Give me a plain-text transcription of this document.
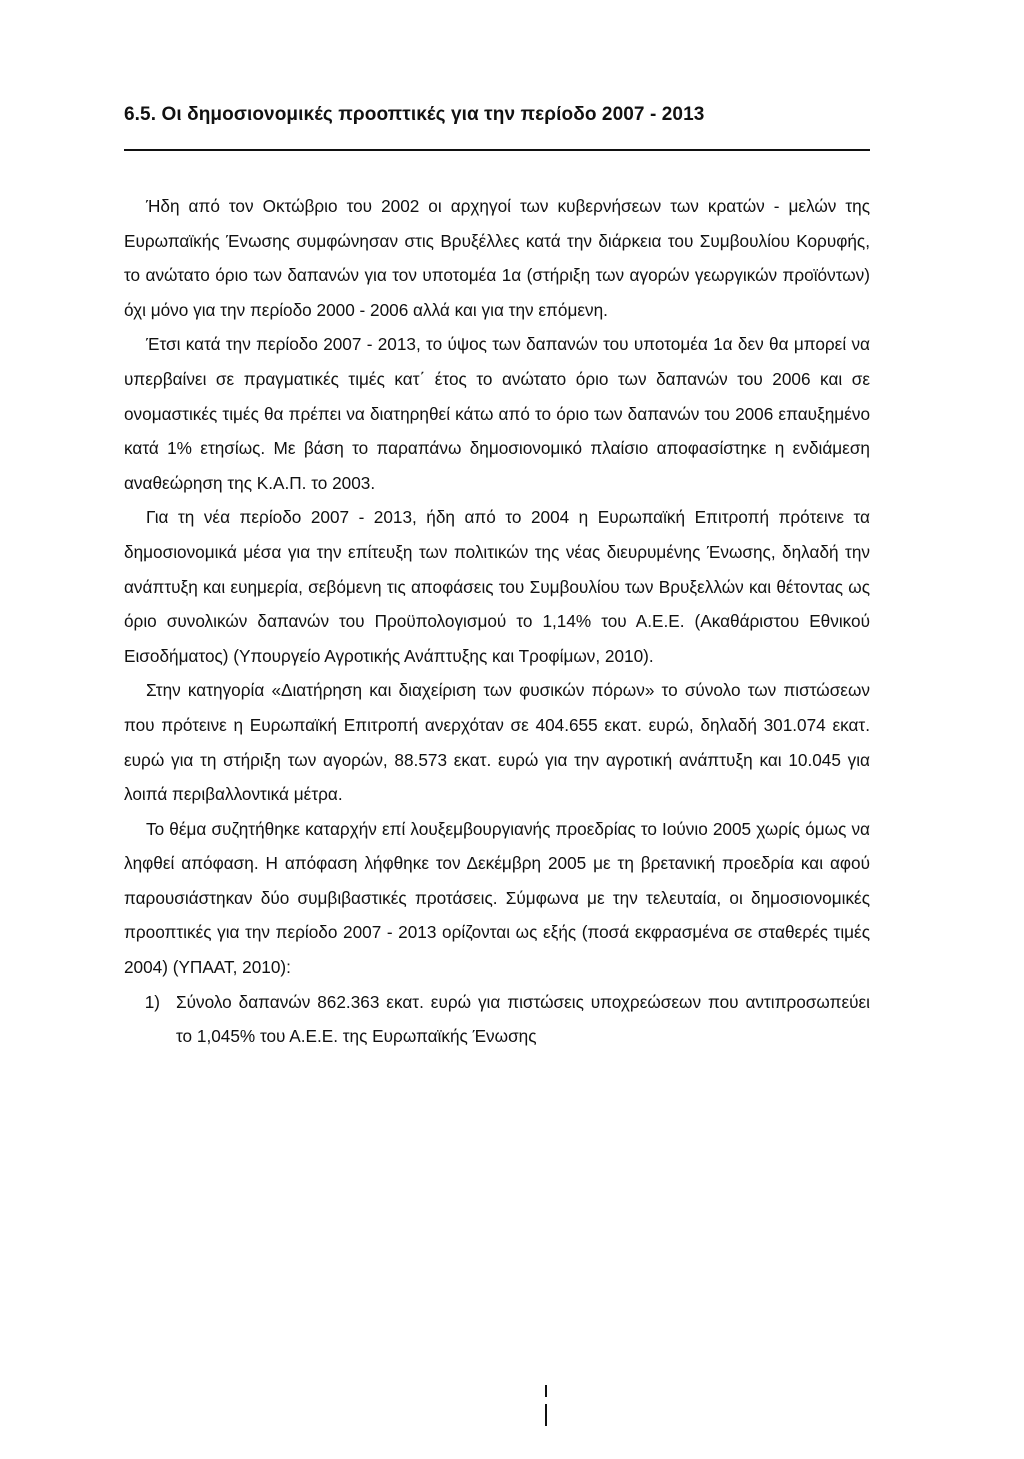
6.5. Οι δημοσιονομικές προοπτικές για την περίοδο 2007 - 2013

Ήδη από τον Οκτώβριο του 2002 οι αρχηγοί των κυβερνήσεων των κρατών - μελών της Ευρωπαϊκής Ένωσης συμφώνησαν στις Βρυξέλλες κατά την διάρκεια του Συμβουλίου Κορυφής, το ανώτατο όριο των δαπανών για τον υποτομέα 1α (στήριξη των αγορών γεωργικών προϊόντων) όχι μόνο για την περίοδο 2000 - 2006 αλλά και για την επόμενη.

Έτσι κατά την περίοδο 2007 - 2013, το ύψος των δαπανών του υποτομέα 1α δεν θα μπορεί να υπερβαίνει σε πραγματικές τιμές κατ΄ έτος το ανώτατο όριο των δαπανών του 2006 και σε ονομαστικές τιμές θα πρέπει να διατηρηθεί κάτω από το όριο των δαπανών του 2006 επαυξημένο κατά 1% ετησίως. Με βάση το παραπάνω δημοσιονομικό πλαίσιο αποφασίστηκε η ενδιάμεση αναθεώρηση της Κ.Α.Π. το 2003.

Για τη νέα περίοδο 2007 - 2013, ήδη από το 2004 η Ευρωπαϊκή Επιτροπή πρότεινε τα δημοσιονομικά μέσα για την επίτευξη των πολιτικών της νέας διευρυμένης Ένωσης, δηλαδή την ανάπτυξη και ευημερία, σεβόμενη τις αποφάσεις του Συμβουλίου των Βρυξελλών και θέτοντας ως όριο συνολικών δαπανών του Προϋπολογισμού το 1,14% του Α.Ε.Ε. (Ακαθάριστου Εθνικού Εισοδήματος) (Υπουργείο Αγροτικής Ανάπτυξης και Τροφίμων, 2010).

Στην κατηγορία «Διατήρηση και διαχείριση των φυσικών πόρων» το σύνολο των πιστώσεων που πρότεινε η Ευρωπαϊκή Επιτροπή ανερχόταν σε 404.655 εκατ. ευρώ, δηλαδή 301.074 εκατ. ευρώ για τη στήριξη των αγορών, 88.573 εκατ. ευρώ για την αγροτική ανάπτυξη και 10.045 για λοιπά περιβαλλοντικά μέτρα.

Το θέμα συζητήθηκε καταρχήν επί λουξεμβουργιανής προεδρίας το Ιούνιο 2005 χωρίς όμως να ληφθεί απόφαση. Η απόφαση λήφθηκε τον Δεκέμβρη 2005 με τη βρετανική προεδρία και αφού παρουσιάστηκαν δύο συμβιβαστικές προτάσεις. Σύμφωνα με την τελευταία, οι δημοσιονομικές προοπτικές για την περίοδο 2007 - 2013 ορίζονται ως εξής (ποσά εκφρασμένα σε σταθερές τιμές 2004) (ΥΠΑΑΤ, 2010):

1) Σύνολο δαπανών 862.363 εκατ. ευρώ για πιστώσεις υποχρεώσεων που αντιπροσωπεύει το 1,045% του Α.Ε.Ε. της Ευρωπαϊκής Ένωσης
